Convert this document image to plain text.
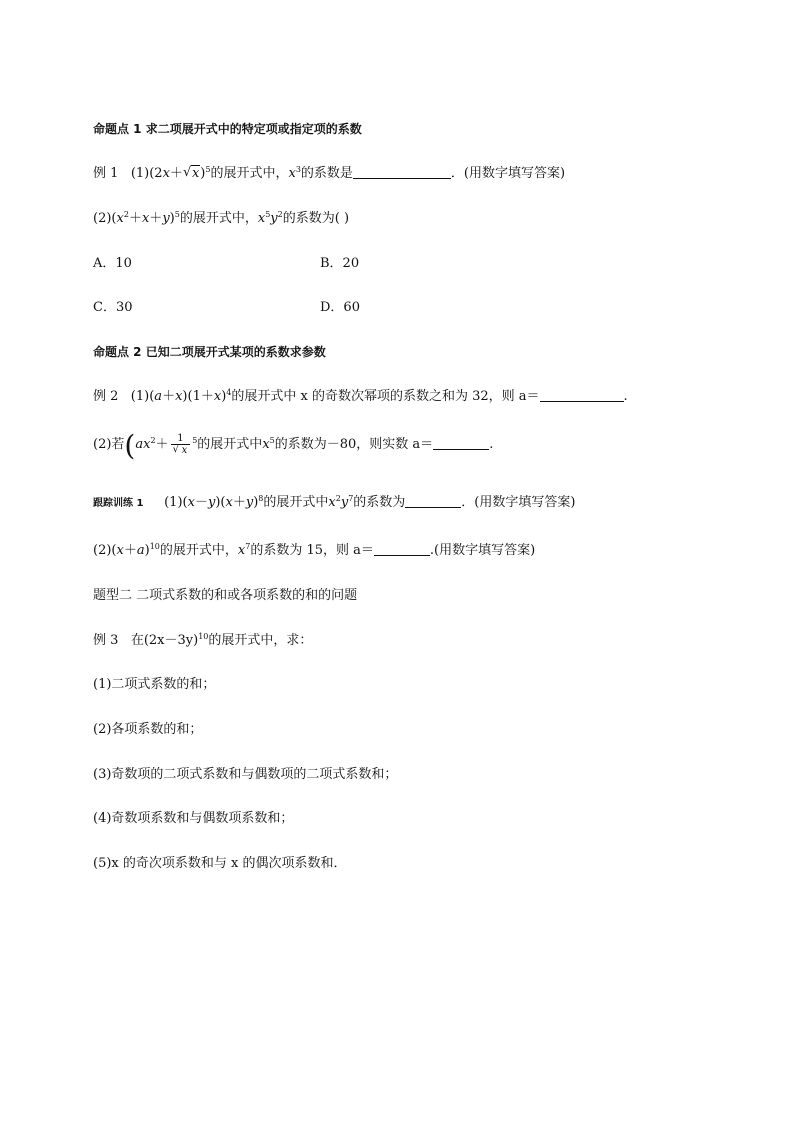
命题点 1 求二项展开式中的特定项或指定项的系数
例 1 (1)(2x＋ √ x)$^5$的展开式中，$x^3$的系数是	．(用数字填写答案)
$(2)(x^2+x+y)^5$的展开式中，$x^5y^2$的系数为( )
A．10	B．20
C．30	D．60
命题点 2 已知二项展开式某项的系数求参数
例 2   $(1)(a+x)(1+x)^4$的展开式中 x 的奇数次幂项的系数之和为 32，则 a＝	.
(2)若($ax^2+ \frac{1}{√ x} ^5$的展开式中$x^5$的系数为－80，则实数 a＝	.
跟踪训练 1     $(1)(x-y)(x+y)^8$的展开式中$x^2y^7$的系数为	．(用数字填写答案)
$(2)(x+a)^{10}$的展开式中，$x^7$的系数为 15，则 a＝	.(用数字填写答案)
题型二 二项式系数的和或各项系数的和的问题
例 3 在$(2x-3y)^{10}$的展开式中，求：
(1)二项式系数的和；
(2)各项系数的和；
(3)奇数项的二项式系数和与偶数项的二项式系数和；
(4)奇数项系数和与偶数项系数和；
(5)x 的奇次项系数和与 x 的偶次项系数和．
